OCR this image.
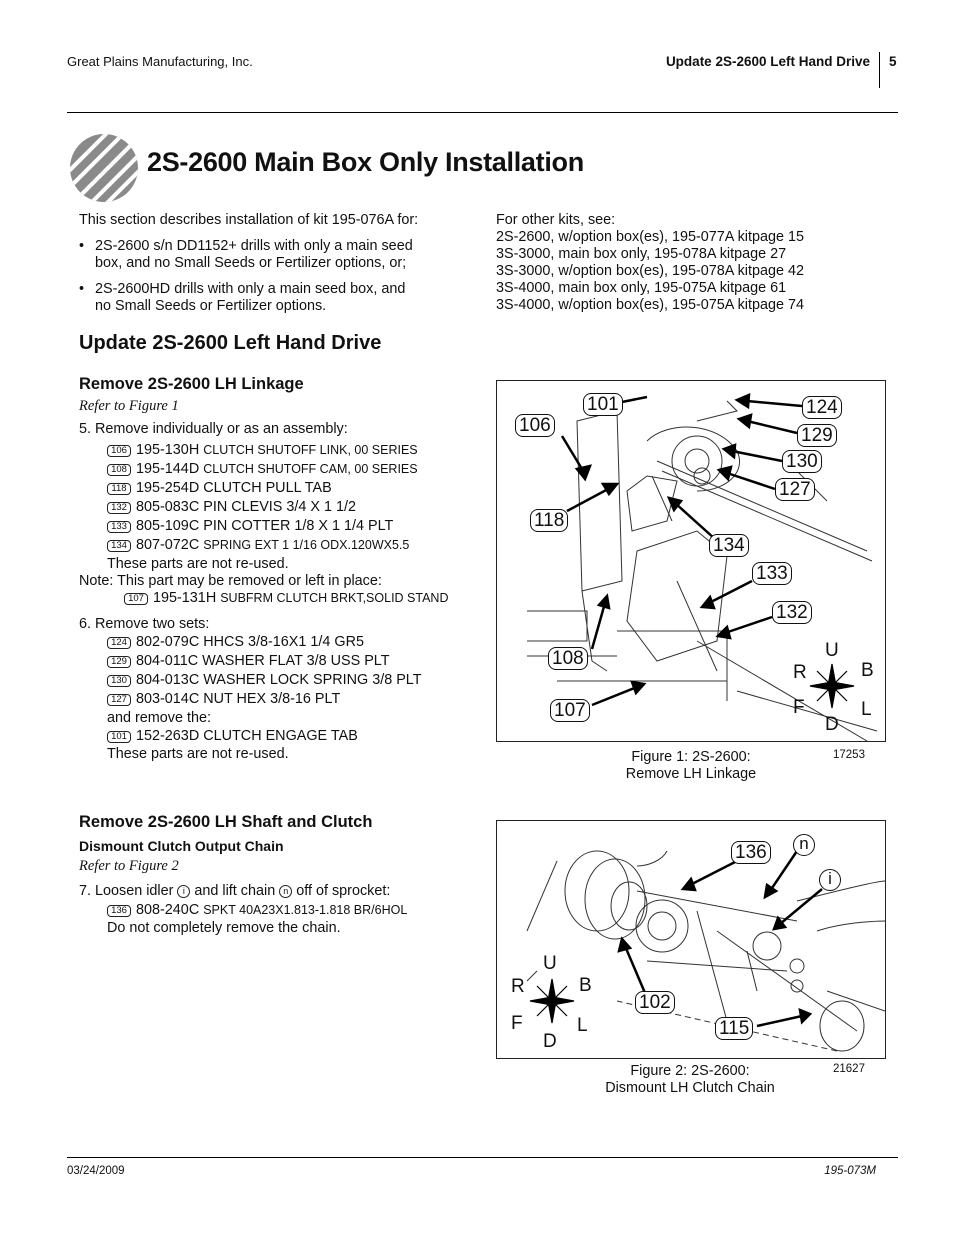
Great Plains Manufacturing, Inc.	Update 2S-2600 Left Hand Drive 5
2S-2600 Main Box Only Installation
This section describes installation of kit 195-076A for:
• 2S-2600 s/n DD1152+ drills with only a main seed
box, and no Small Seeds or Fertilizer options, or;
• 2S-2600HD drills with only a main seed box, and
no Small Seeds or Fertilizer options.
For other kits, see:
2S-2600, w/option box(es), 195-077A kitpage 15
3S-3000, main box only, 195-078A kitpage 27
3S-3000, w/option box(es), 195-078A kitpage 42
3S-4000, main box only, 195-075A kitpage 61
3S-4000, w/option box(es), 195-075A kitpage 74
Update 2S-2600 Left Hand Drive
Remove 2S-2600 LH Linkage
Refer to Figure 1
5. Remove individually or as an assembly:
106 195-130H CLUTCH SHUTOFF LINK, 00 SERIES
108 195-144D CLUTCH SHUTOFF CAM, 00 SERIES
118 195-254D CLUTCH PULL TAB
132 805-083C PIN CLEVIS 3/4 X 1 1/2
133 805-109C PIN COTTER 1/8 X 1 1/4 PLT
134 807-072C SPRING EXT 1 1/16 ODX.120WX5.5
These parts are not re-used.
Note: This part may be removed or left in place:
107 195-131H SUBFRM CLUTCH BRKT,SOLID STAND
6. Remove two sets:
124 802-079C HHCS 3/8-16X1 1/4 GR5
129 804-011C WASHER FLAT 3/8 USS PLT
130 804-013C WASHER LOCK SPRING 3/8 PLT
127 803-014C NUT HEX 3/8-16 PLT
and remove the:
101 152-263D CLUTCH ENGAGE TAB
These parts are not re-used.
Remove 2S-2600 LH Shaft and Clutch
Dismount Clutch Output Chain
Refer to Figure 2
7. Loosen idler i and lift chain n off of sprocket:
136 808-240C SPKT 40A23X1.813-1.818 BR/6HOL
Do not completely remove the chain.
101
106
124
129
130
127
118
134
133
132
108
107
U
D
R	B
F	L
Figure 1: 2S-2600:
Remove LH Linkage
17253
136	n
i
102
115
U
D
R	B
F	L
Figure 2: 2S-2600:
Dismount LH Clutch Chain
21627
03/24/2009	195-073M
